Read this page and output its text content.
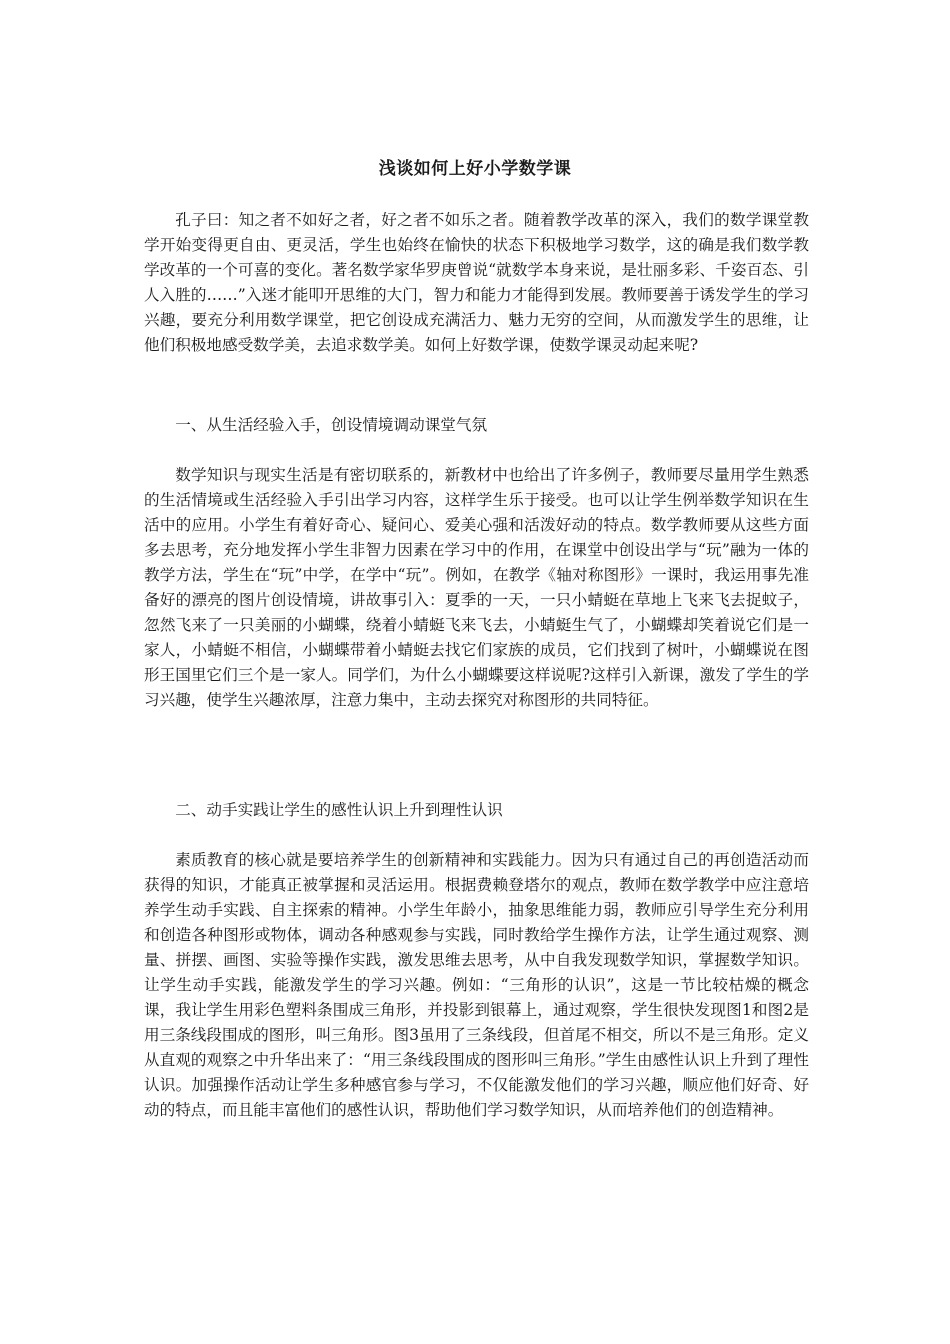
浅谈如何上好小学数学课

孔子曰：知之者不如好之者，好之者不如乐之者。随着教学改革的深入，我们的数学课堂教学开始变得更自由、更灵活，学生也始终在愉快的状态下积极地学习数学，这的确是我们数学教学改革的一个可喜的变化。著名数学家华罗庚曾说“就数学本身来说，是壮丽多彩、千姿百态、引人入胜的……”入迷才能叩开思维的大门，智力和能力才能得到发展。教师要善于诱发学生的学习兴趣，要充分利用数学课堂，把它创设成充满活力、魅力无穷的空间，从而激发学生的思维，让他们积极地感受数学美，去追求数学美。如何上好数学课，使数学课灵动起来呢?

一、从生活经验入手，创设情境调动课堂气氛

数学知识与现实生活是有密切联系的，新教材中也给出了许多例子，教师要尽量用学生熟悉的生活情境或生活经验入手引出学习内容，这样学生乐于接受。也可以让学生例举数学知识在生活中的应用。小学生有着好奇心、疑问心、爱美心强和活泼好动的特点。数学教师要从这些方面多去思考，充分地发挥小学生非智力因素在学习中的作用，在课堂中创设出学与“玩”融为一体的教学方法，学生在“玩”中学，在学中“玩”。例如，在教学《轴对称图形》一课时，我运用事先准备好的漂亮的图片创设情境，讲故事引入：夏季的一天，一只小蜻蜓在草地上飞来飞去捉蚊子，忽然飞来了一只美丽的小蝴蝶，绕着小蜻蜓飞来飞去，小蜻蜓生气了，小蝴蝶却笑着说它们是一家人，小蜻蜓不相信，小蝴蝶带着小蜻蜓去找它们家族的成员，它们找到了树叶，小蝴蝶说在图形王国里它们三个是一家人。同学们，为什么小蝴蝶要这样说呢?这样引入新课，激发了学生的学习兴趣，使学生兴趣浓厚，注意力集中，主动去探究对称图形的共同特征。

二、动手实践让学生的感性认识上升到理性认识

素质教育的核心就是要培养学生的创新精神和实践能力。因为只有通过自己的再创造活动而获得的知识，才能真正被掌握和灵活运用。根据费赖登塔尔的观点，教师在数学教学中应注意培养学生动手实践、自主探索的精神。小学生年龄小，抽象思维能力弱，教师应引导学生充分利用和创造各种图形或物体，调动各种感观参与实践，同时教给学生操作方法，让学生通过观察、测量、拼摆、画图、实验等操作实践，激发思维去思考，从中自我发现数学知识，掌握数学知识。让学生动手实践，能激发学生的学习兴趣。例如：“三角形的认识”，这是一节比较枯燥的概念课，我让学生用彩色塑料条围成三角形，并投影到银幕上，通过观察，学生很快发现图1和图2是用三条线段围成的图形，叫三角形。图3虽用了三条线段，但首尾不相交，所以不是三角形。定义从直观的观察之中升华出来了：“用三条线段围成的图形叫三角形。”学生由感性认识上升到了理性认识。加强操作活动让学生多种感官参与学习，不仅能激发他们的学习兴趣，顺应他们好奇、好动的特点，而且能丰富他们的感性认识，帮助他们学习数学知识，从而培养他们的创造精神。
